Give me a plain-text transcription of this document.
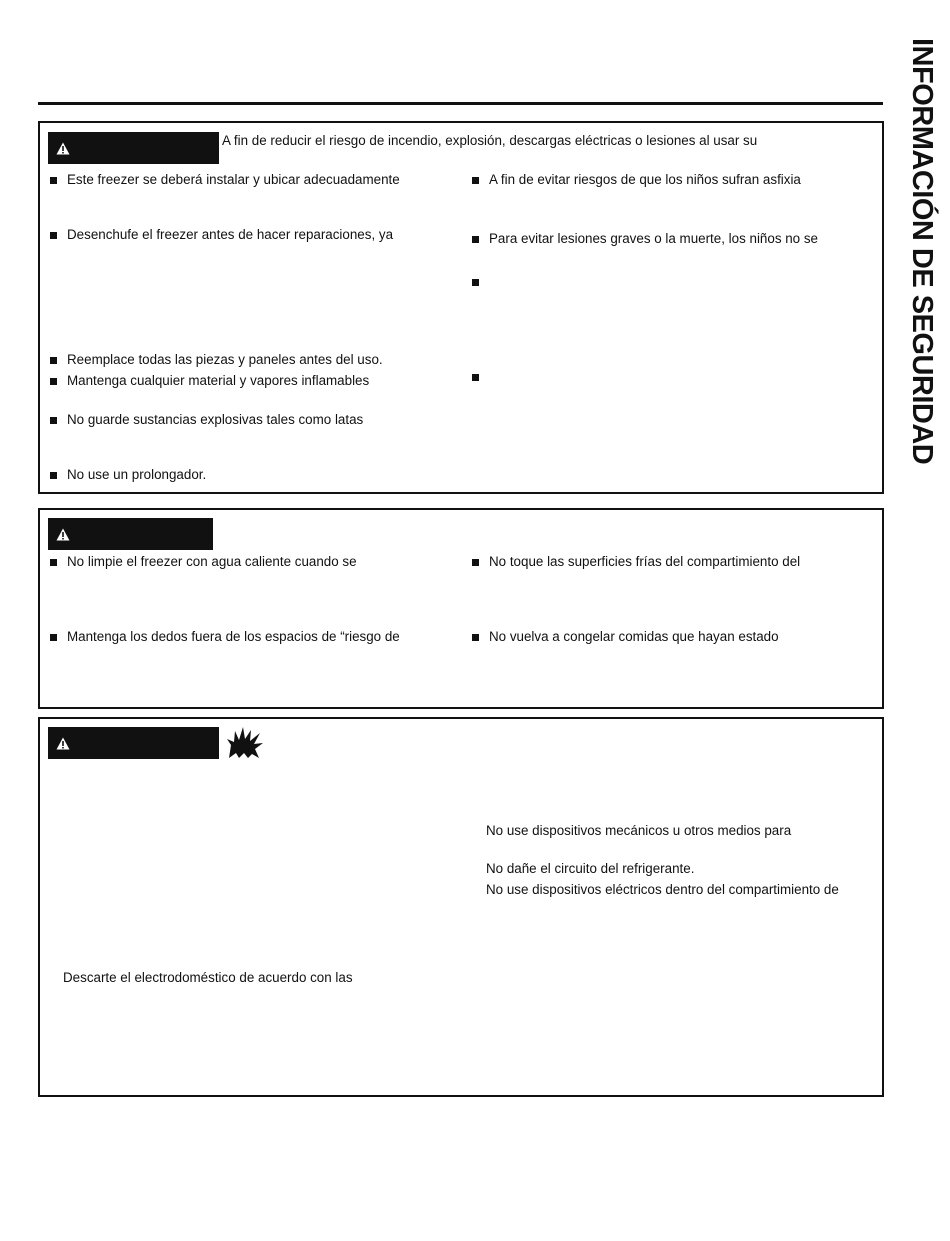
INFORMACIÓN DE SEGURIDAD
A fin de reducir el riesgo de incendio, explosión, descargas eléctricas o lesiones al usar su
Este freezer se deberá instalar y ubicar adecuadamente
Desenchufe el freezer antes de hacer reparaciones, ya
Reemplace todas las piezas y paneles antes del uso.
Mantenga cualquier material y vapores inflamables
No guarde sustancias explosivas tales como latas
No use un prolongador.
A fin de evitar riesgos de que los niños sufran asfixia
Para evitar lesiones graves o la muerte, los niños no se
No limpie el freezer con agua caliente cuando se
Mantenga los dedos fuera de los espacios de “riesgo de
No toque las superficies frías del compartimiento del
No vuelva a congelar comidas que hayan estado
No use dispositivos mecánicos u otros medios para
No dañe el circuito del refrigerante.
No use dispositivos eléctricos dentro del compartimiento de
Descarte el electrodoméstico de acuerdo con las
